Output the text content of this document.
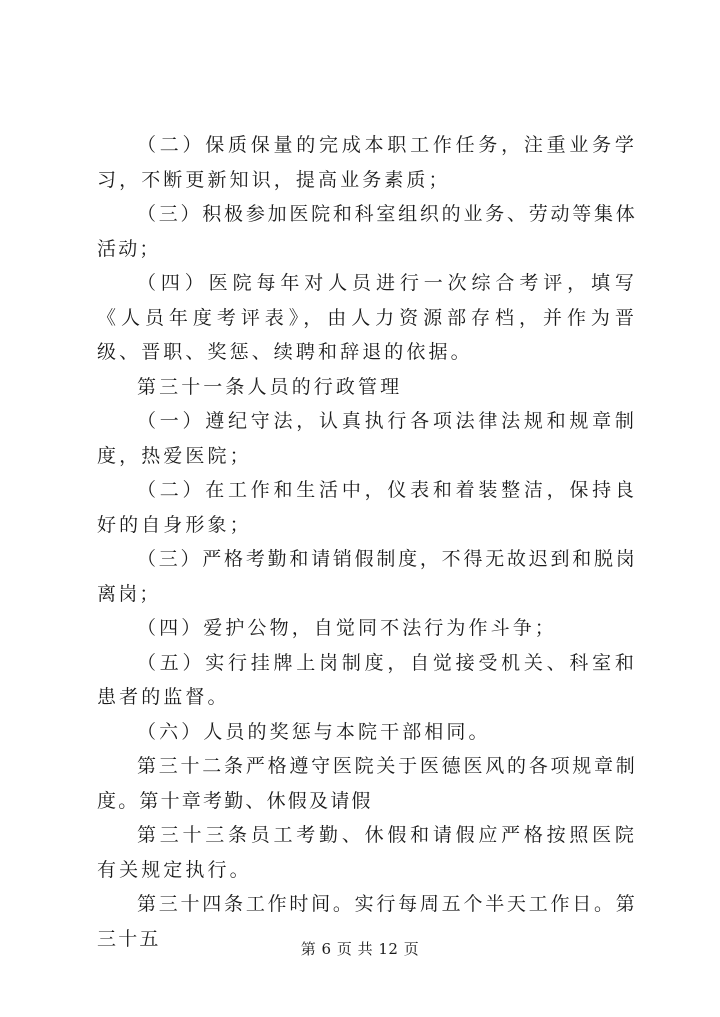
（二）保质保量的完成本职工作任务，注重业务学习，不断更新知识，提高业务素质；

（三）积极参加医院和科室组织的业务、劳动等集体活动；

（四）医院每年对人员进行一次综合考评，填写《人员年度考评表》，由人力资源部存档，并作为晋级、晋职、奖惩、续聘和辞退的依据。

第三十一条人员的行政管理

（一）遵纪守法，认真执行各项法律法规和规章制度，热爱医院；

（二）在工作和生活中，仪表和着装整洁，保持良好的自身形象；

（三）严格考勤和请销假制度，不得无故迟到和脱岗离岗；

（四）爱护公物，自觉同不法行为作斗争；

（五）实行挂牌上岗制度，自觉接受机关、科室和患者的监督。

（六）人员的奖惩与本院干部相同。

第三十二条严格遵守医院关于医德医风的各项规章制度。第十章考勤、休假及请假

第三十三条员工考勤、休假和请假应严格按照医院有关规定执行。

第三十四条工作时间。实行每周五个半天工作日。第三十五	第 6 页 共 12 页
